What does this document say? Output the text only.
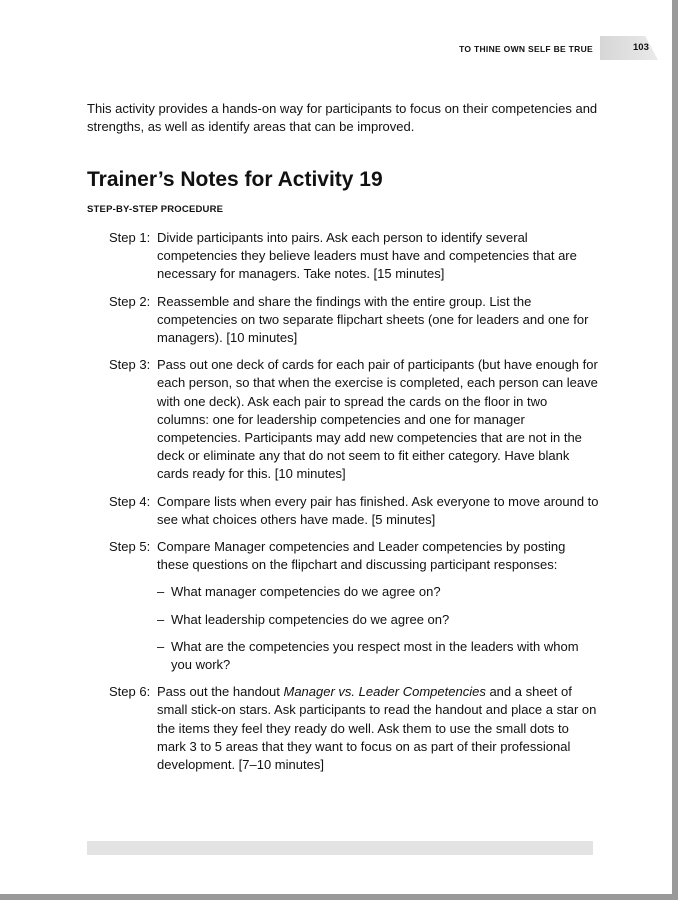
TO THINE OWN SELF BE TRUE	103

This activity provides a hands-on way for participants to focus on their competencies and strengths, as well as identify areas that can be improved.

Trainer’s Notes for Activity 19
STEP-BY-STEP PROCEDURE
Step 1: Divide participants into pairs. Ask each person to identify several competencies they believe leaders must have and competencies that are necessary for managers. Take notes. [15 minutes]

Step 2: Reassemble and share the findings with the entire group. List the competencies on two separate flipchart sheets (one for leaders and one for managers). [10 minutes]

Step 3: Pass out one deck of cards for each pair of participants (but have enough for each person, so that when the exercise is completed, each person can leave with one deck). Ask each pair to spread the cards on the floor in two columns: one for leadership competencies and one for manager competencies. Participants may add new competencies that are not in the deck or eliminate any that do not seem to fit either category. Have blank cards ready for this. [10 minutes]

Step 4: Compare lists when every pair has finished. Ask everyone to move around to see what choices others have made. [5 minutes]

Step 5: Compare Manager competencies and Leader competencies by posting these questions on the flipchart and discussing participant responses:

– What manager competencies do we agree on?
– What leadership competencies do we agree on?
– What are the competencies you respect most in the leaders with whom you work?
Step 6: Pass out the handout Manager vs. Leader Competencies and a sheet of small stick-on stars. Ask participants to read the handout and place a star on the items they feel they ready do well. Ask them to use the small dots to mark 3 to 5 areas that they want to focus on as part of their professional development. [7–10 minutes]
